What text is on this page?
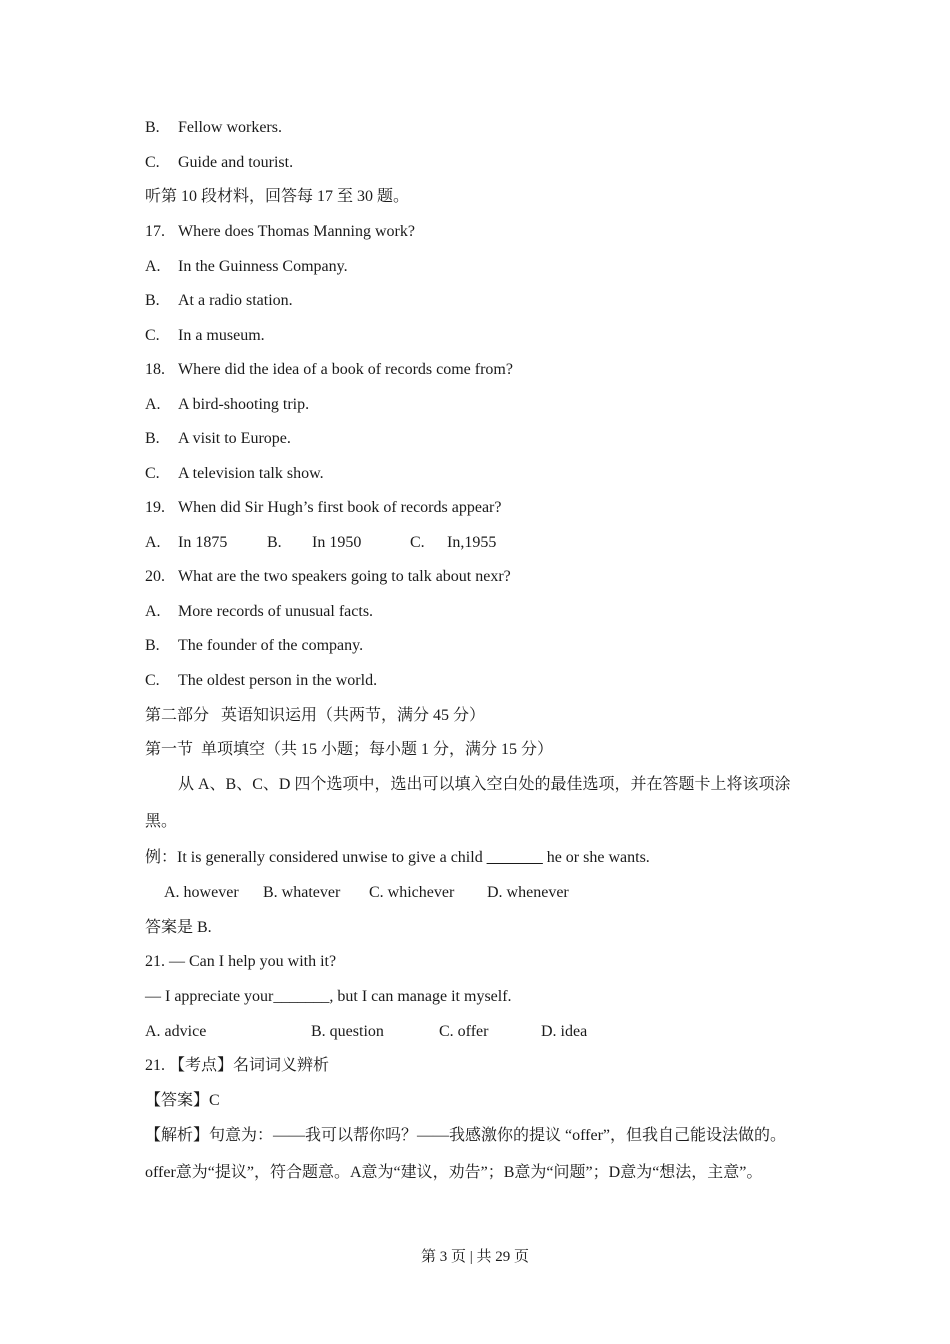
B. Fellow workers.
C. Guide and tourist.
听第 10 段材料，回答每 17 至 30 题。
17. Where does Thomas Manning work?
A. In the Guinness Company.
B. At a radio station.
C. In a museum.
18. Where did the idea of a book of records come from?
A. A bird-shooting trip.
B. A visit to Europe.
C. A television talk show.
19. When did Sir Hugh’s first book of records appear?
A. In 1875 B. In 1950	C. In,1955
20. What are the two speakers going to talk about nexr?
A. More records of unusual facts.
B. The founder of the company.
C. The oldest person in the world.
第二部分   英语知识运用（共两节，满分 45 分）
第一节  单项填空（共 15 小题；每小题 1 分，满分 15 分）
从 A、B、C、D 四个选项中，选出可以填入空白处的最佳选项，并在答题卡上将该项涂黑。
例：It is generally considered unwise to give a child _______ he or she wants.
A. however B. whatever C. whichever D. whenever
答案是 B.
21. — Can I help you with it?
— I appreciate your_______, but I can manage it myself.
A. advice	B. question	C. offer	D. idea
21. 【考点】名词词义辨析
【答案】C
【解析】句意为：——我可以帮你吗？——我感激你的提议 “offer”，但我自己能设法做的。offer意为“提议”，符合题意。A意为“建议，劝告”；B意为“问题”；D意为“想法，主意”。
第 3 页 | 共 29 页
